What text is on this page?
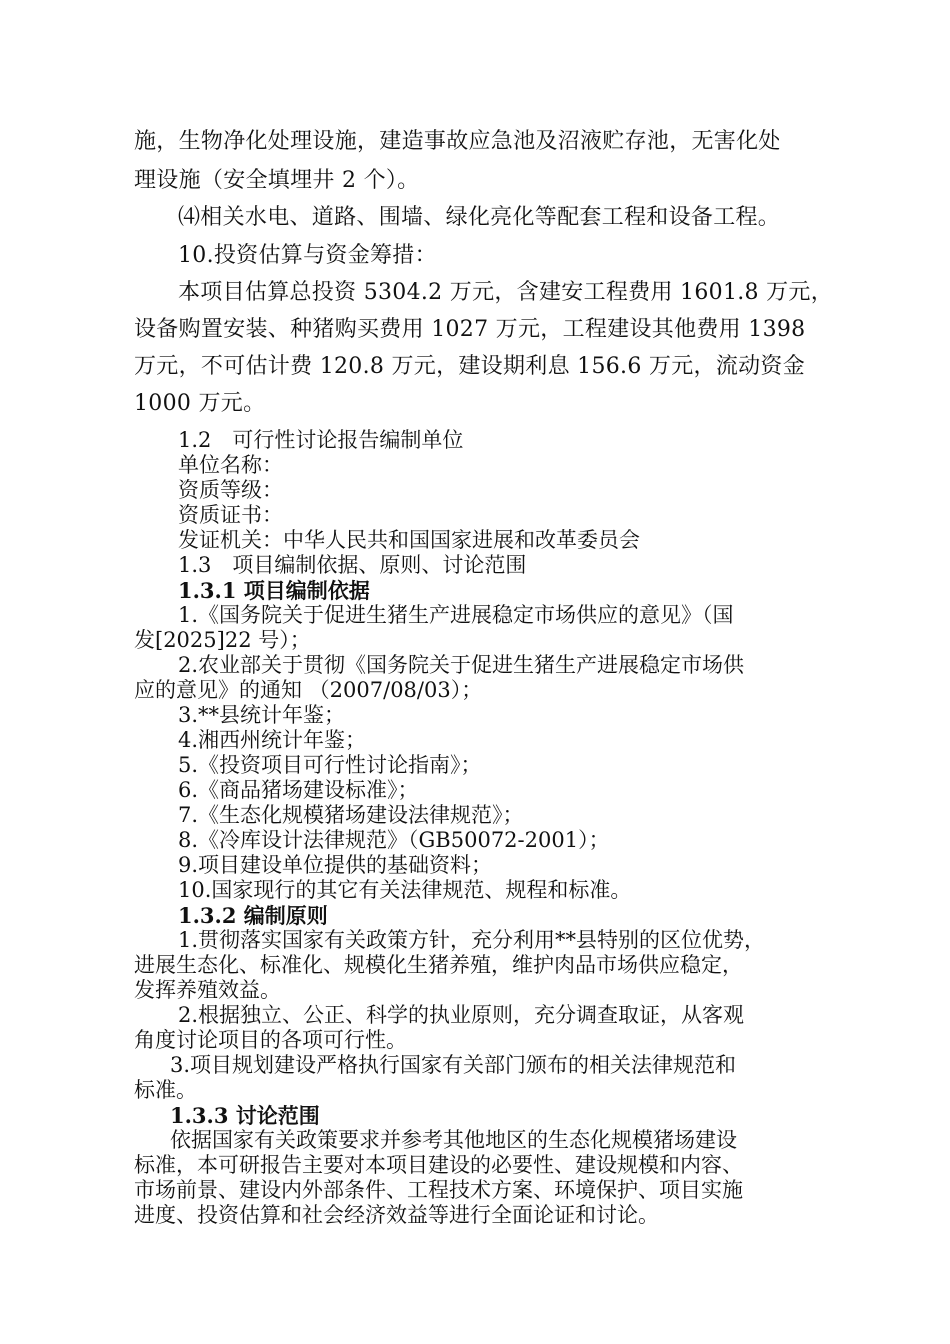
施，生物净化处理设施，建造事故应急池及沼液贮存池，无害化处
理设施（安全填埋井 2 个）。
⑷相关水电、道路、围墙、绿化亮化等配套工程和设备工程。
10.投资估算与资金筹措：
本项目估算总投资 5304.2 万元，含建安工程费用 1601.8 万元，
设备购置安装、种猪购买费用 1027 万元，工程建设其他费用 1398
万元，不可估计费 120.8 万元，建设期利息 156.6 万元，流动资金
1000 万元。
1.2　可行性讨论报告编制单位
单位名称：
资质等级：
资质证书：
发证机关：中华人民共和国国家进展和改革委员会
1.3　项目编制依据、原则、讨论范围
1.3.1 项目编制依据
1.《国务院关于促进生猪生产进展稳定市场供应的意见》（国
发[2025]22 号）；
2.农业部关于贯彻《国务院关于促进生猪生产进展稳定市场供
应的意见》的通知 （2007/08/03）；
3.**县统计年鉴；
4.湘西州统计年鉴；
5.《投资项目可行性讨论指南》；
6.《商品猪场建设标准》；
7.《生态化规模猪场建设法律规范》；
8.《冷库设计法律规范》（GB50072-2001）；
9.项目建设单位提供的基础资料；
10.国家现行的其它有关法律规范、规程和标准。
1.3.2 编制原则
1.贯彻落实国家有关政策方针，充分利用**县特别的区位优势，
进展生态化、标准化、规模化生猪养殖，维护肉品市场供应稳定，
发挥养殖效益。
2.根据独立、公正、科学的执业原则，充分调查取证，从客观
角度讨论项目的各项可行性。
3.项目规划建设严格执行国家有关部门颁布的相关法律规范和
标准。
1.3.3 讨论范围
依据国家有关政策要求并参考其他地区的生态化规模猪场建设
标准，本可研报告主要对本项目建设的必要性、建设规模和内容、
市场前景、建设内外部条件、工程技术方案、环境保护、项目实施
进度、投资估算和社会经济效益等进行全面论证和讨论。
